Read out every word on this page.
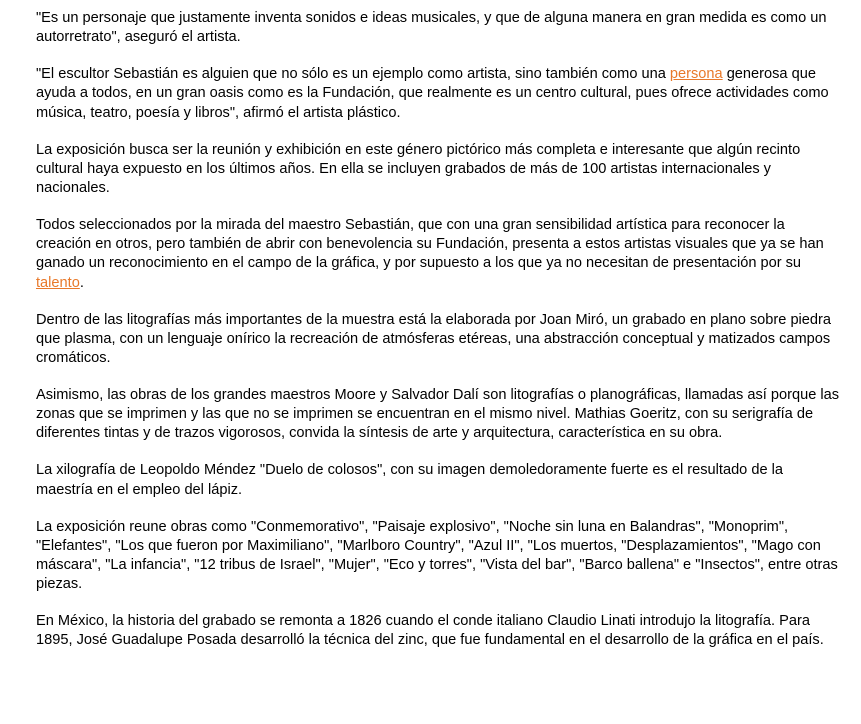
"Es un personaje que justamente inventa sonidos e ideas musicales, y que de alguna manera en gran medida es como un autorretrato", aseguró el artista.

"El escultor Sebastián es alguien que no sólo es un ejemplo como artista, sino también como una persona generosa que ayuda a todos, en un gran oasis como es la Fundación, que realmente es un centro cultural, pues ofrece actividades como música, teatro, poesía y libros", afirmó el artista plástico.

La exposición busca ser la reunión y exhibición en este género pictórico más completa e interesante que algún recinto cultural haya expuesto en los últimos años. En ella se incluyen grabados de más de 100 artistas internacionales y nacionales.

Todos seleccionados por la mirada del maestro Sebastián, que con una gran sensibilidad artística para reconocer la creación en otros, pero también de abrir con benevolencia su Fundación, presenta a estos artistas visuales que ya se han ganado un reconocimiento en el campo de la gráfica, y por supuesto a los que ya no necesitan de presentación por su talento.

Dentro de las litografías más importantes de la muestra está la elaborada por Joan Miró, un grabado en plano sobre piedra que plasma, con un lenguaje onírico la recreación de atmósferas etéreas, una abstracción conceptual y matizados campos cromáticos.

Asimismo, las obras de los grandes maestros Moore y Salvador Dalí son litografías o planográficas, llamadas así porque las zonas que se imprimen y las que no se imprimen se encuentran en el mismo nivel. Mathias Goeritz, con su serigrafía de diferentes tintas y de trazos vigorosos, convida la síntesis de arte y arquitectura, característica en su obra.

La xilografía de Leopoldo Méndez "Duelo de colosos", con su imagen demoledoramente fuerte es el resultado de la maestría en el empleo del lápiz.

La exposición reune obras como "Conmemorativo", "Paisaje explosivo", "Noche sin luna en Balandras", "Monoprim", "Elefantes", "Los que fueron por Maximiliano", "Marlboro Country", "Azul II", "Los muertos, "Desplazamientos", "Mago con máscara", "La infancia", "12 tribus de Israel", "Mujer", "Eco y torres", "Vista del bar", "Barco ballena" e "Insectos", entre otras piezas.

En México, la historia del grabado se remonta a 1826 cuando el conde italiano Claudio Linati introdujo la litografía. Para 1895, José Guadalupe Posada desarrolló la técnica del zinc, que fue fundamental en el desarrollo de la gráfica en el país.
